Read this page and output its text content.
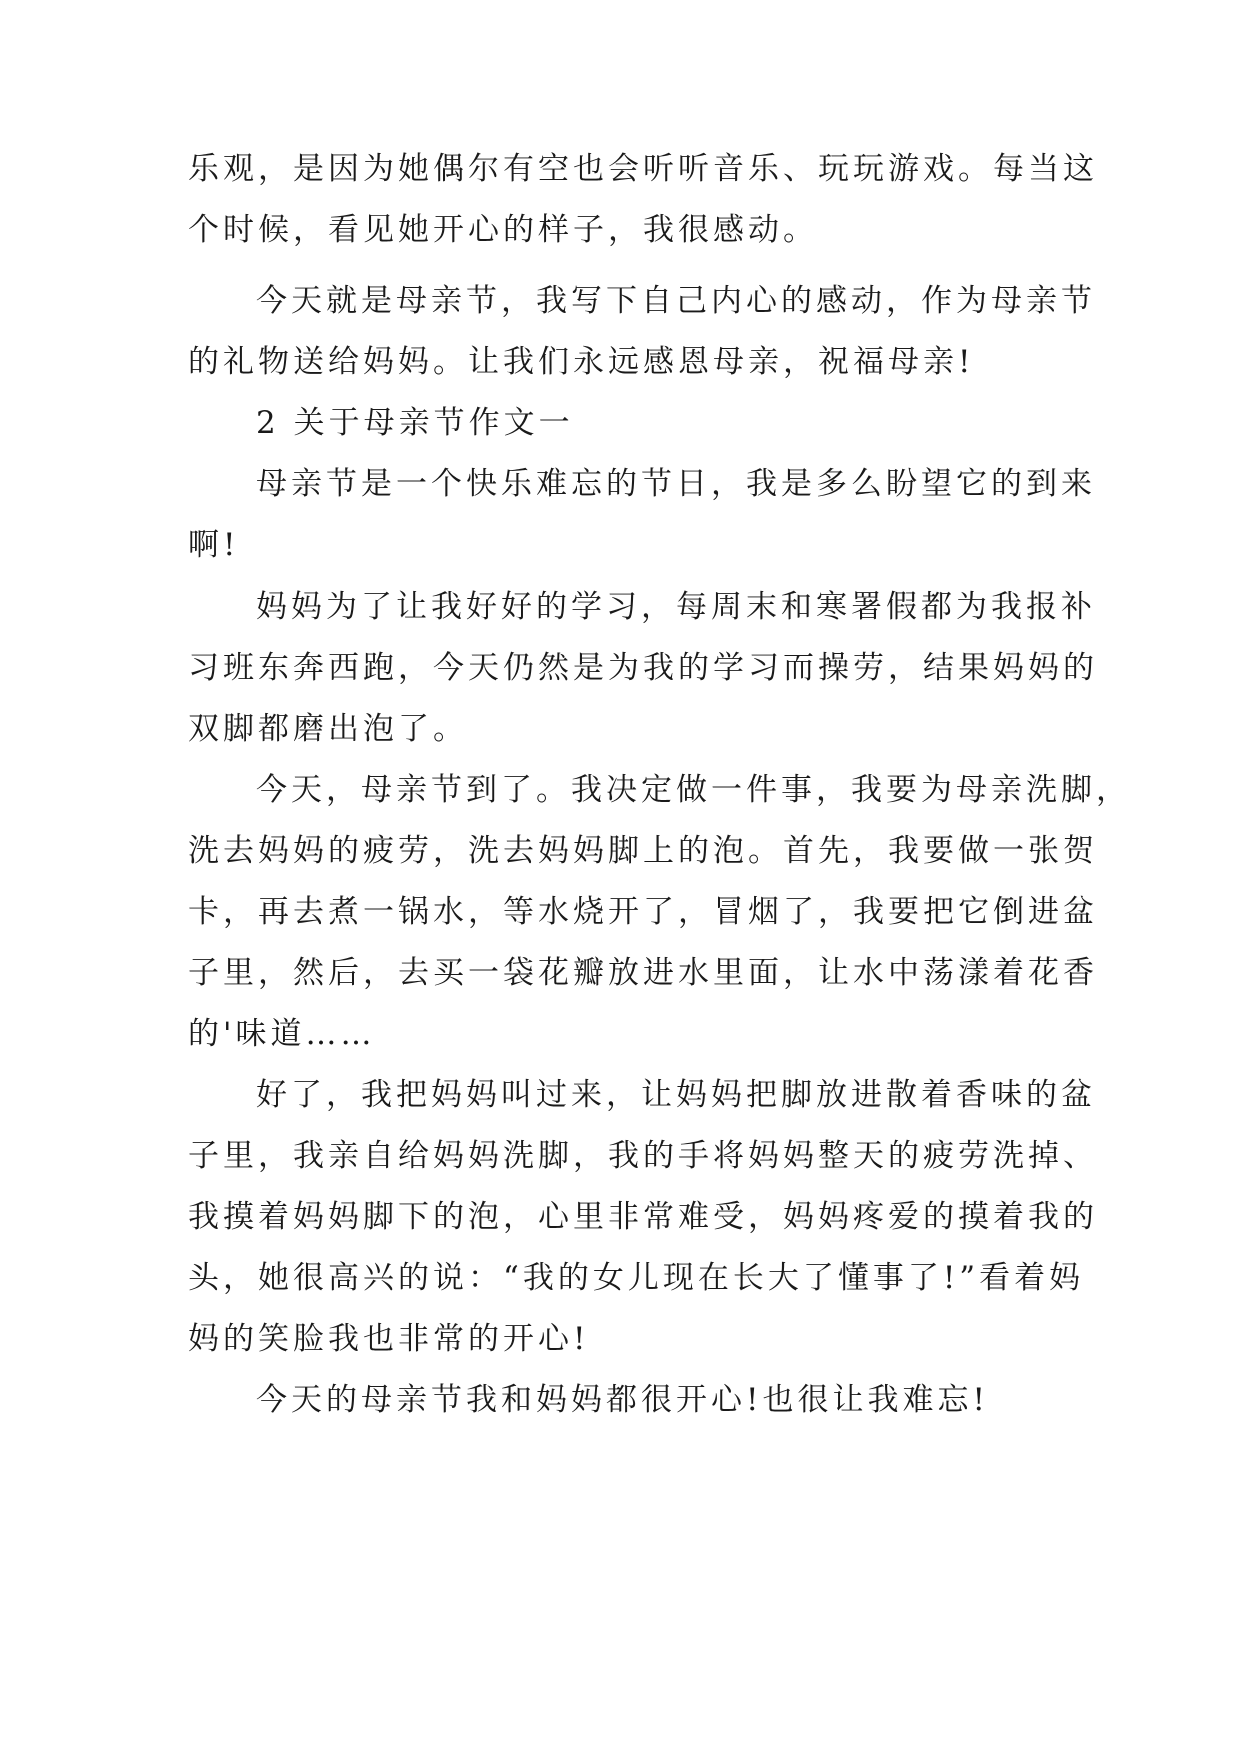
乐观，是因为她偶尔有空也会听听音乐、玩玩游戏。每当这
个时候，看见她开心的样子，我很感动。
今天就是母亲节，我写下自己内心的感动，作为母亲节
的礼物送给妈妈。让我们永远感恩母亲，祝福母亲!
2 关于母亲节作文一
母亲节是一个快乐难忘的节日，我是多么盼望它的到来
啊!
妈妈为了让我好好的学习，每周末和寒署假都为我报补
习班东奔西跑，今天仍然是为我的学习而操劳，结果妈妈的
双脚都磨出泡了。
今天，母亲节到了。我决定做一件事，我要为母亲洗脚，
洗去妈妈的疲劳，洗去妈妈脚上的泡。首先，我要做一张贺
卡，再去煮一锅水，等水烧开了，冒烟了，我要把它倒进盆
子里，然后，去买一袋花瓣放进水里面，让水中荡漾着花香
的'味道……
好了，我把妈妈叫过来，让妈妈把脚放进散着香味的盆
子里，我亲自给妈妈洗脚，我的手将妈妈整天的疲劳洗掉、
我摸着妈妈脚下的泡，心里非常难受，妈妈疼爱的摸着我的
头，她很高兴的说：“我的女儿现在长大了懂事了!”看着妈
妈的笑脸我也非常的开心!
今天的母亲节我和妈妈都很开心!也很让我难忘!
